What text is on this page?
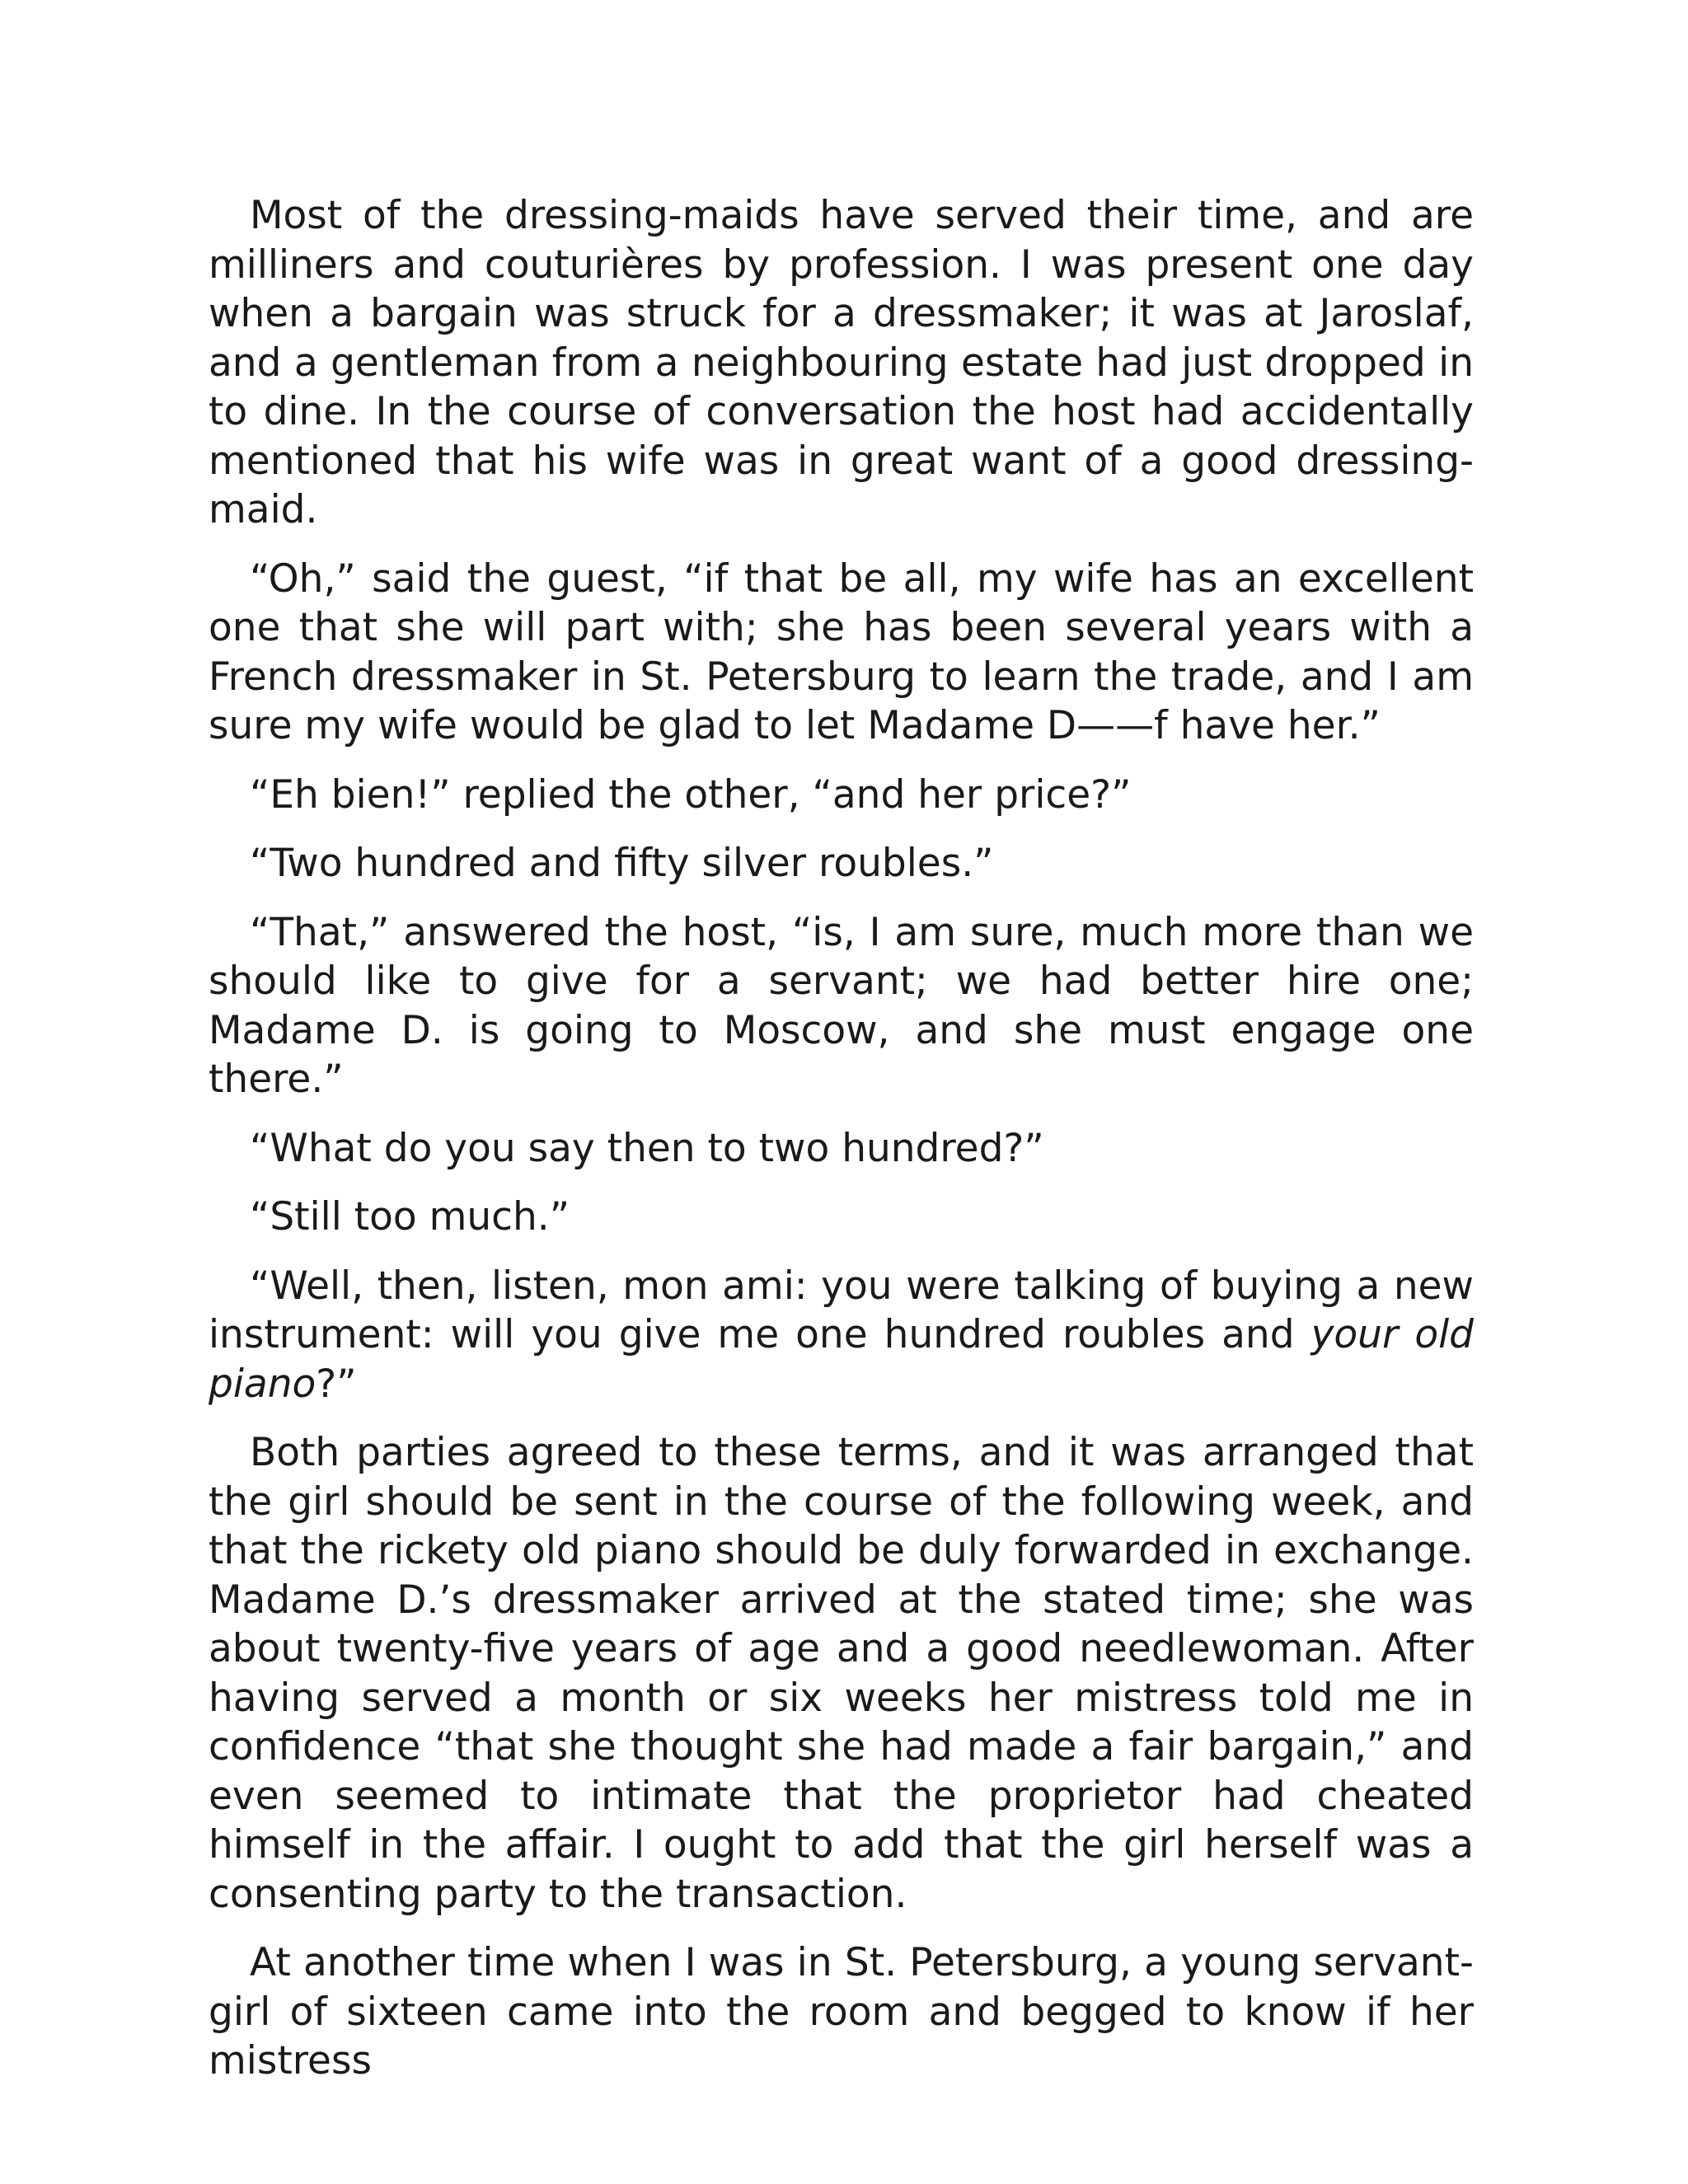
Most of the dressing-maids have served their time, and are milliners and couturières by profession. I was present one day when a bargain was struck for a dressmaker; it was at Jaroslaf, and a gentleman from a neighbouring estate had just dropped in to dine. In the course of conversation the host had accidentally mentioned that his wife was in great want of a good dressing-maid.

“Oh,” said the guest, “if that be all, my wife has an excellent one that she will part with; she has been several years with a French dressmaker in St. Petersburg to learn the trade, and I am sure my wife would be glad to let Madame D——f have her.”

“Eh bien!” replied the other, “and her price?”

“Two hundred and fifty silver roubles.”

“That,” answered the host, “is, I am sure, much more than we should like to give for a servant; we had better hire one; Madame D. is going to Moscow, and she must engage one there.”

“What do you say then to two hundred?”

“Still too much.”

“Well, then, listen, mon ami: you were talking of buying a new instrument: will you give me one hundred roubles and your old piano?”

Both parties agreed to these terms, and it was arranged that the girl should be sent in the course of the following week, and that the rickety old piano should be duly forwarded in exchange. Madame D.’s dressmaker arrived at the stated time; she was about twenty-five years of age and a good needlewoman. After having served a month or six weeks her mistress told me in confidence “that she thought she had made a fair bargain,” and even seemed to intimate that the proprietor had cheated himself in the affair. I ought to add that the girl herself was a consenting party to the transaction.

At another time when I was in St. Petersburg, a young servant-girl of sixteen came into the room and begged to know if her mistress
